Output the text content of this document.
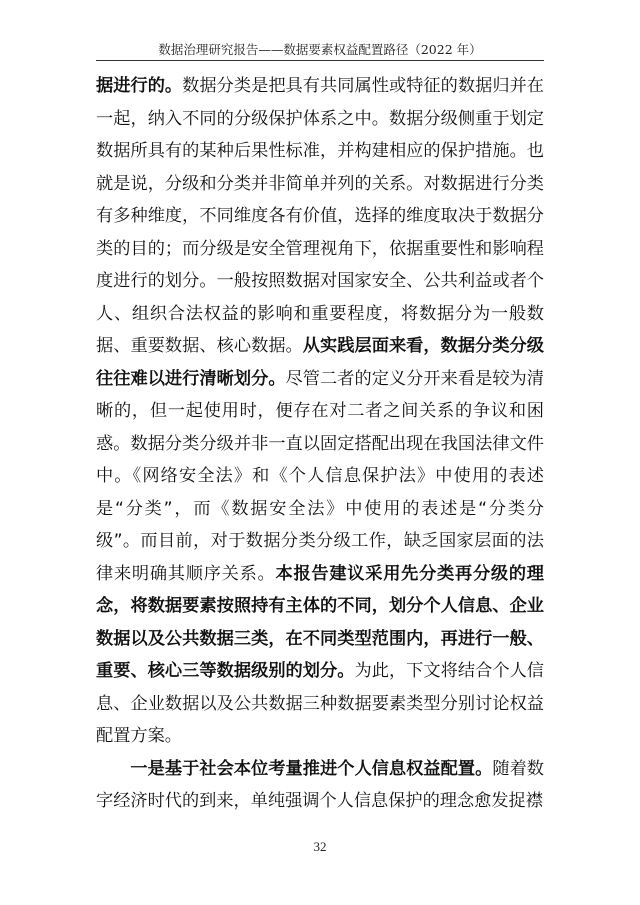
数据治理研究报告——数据要素权益配置路径（2022 年）

据进行的。数据分类是把具有共同属性或特征的数据归并在一起，纳入不同的分级保护体系之中。数据分级侧重于划定数据所具有的某种后果性标准，并构建相应的保护措施。也就是说，分级和分类并非简单并列的关系。对数据进行分类有多种维度，不同维度各有价值，选择的维度取决于数据分类的目的；而分级是安全管理视角下，依据重要性和影响程度进行的划分。一般按照数据对国家安全、公共利益或者个人、组织合法权益的影响和重要程度，将数据分为一般数据、重要数据、核心数据。从实践层面来看，数据分类分级往往难以进行清晰划分。尽管二者的定义分开来看是较为清晰的，但一起使用时，便存在对二者之间关系的争议和困惑。数据分类分级并非一直以固定搭配出现在我国法律文件中。《网络安全法》和《个人信息保护法》中使用的表述是“分类”，而《数据安全法》中使用的表述是“分类分级”。而目前，对于数据分类分级工作，缺乏国家层面的法律来明确其顺序关系。本报告建议采用先分类再分级的理念，将数据要素按照持有主体的不同，划分个人信息、企业数据以及公共数据三类，在不同类型范围内，再进行一般、重要、核心三等数据级别的划分。为此，下文将结合个人信息、企业数据以及公共数据三种数据要素类型分别讨论权益配置方案。

一是基于社会本位考量推进个人信息权益配置。随着数字经济时代的到来，单纯强调个人信息保护的理念愈发捉襟

32
